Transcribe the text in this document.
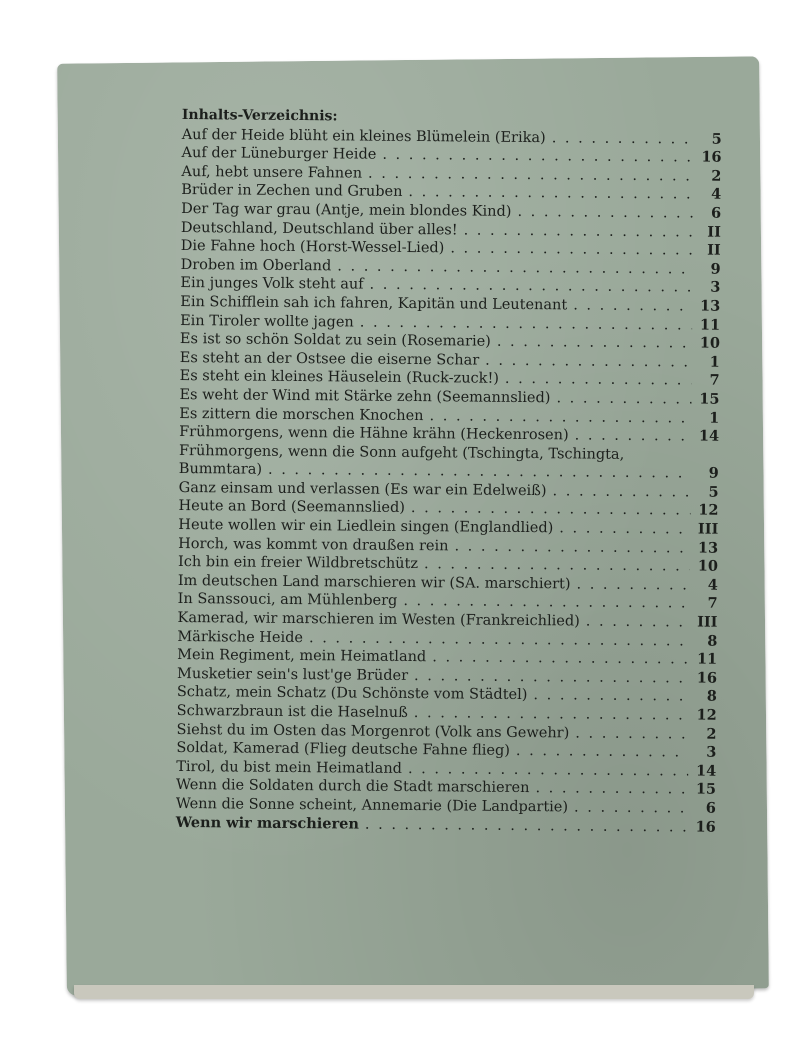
Inhalts-Verzeichnis:
Auf der Heide blüht ein kleines Blümelein (Erika) . . .	5
Auf der Lüneburger Heide . . .	16
Auf, hebt unsere Fahnen . . .	2
Brüder in Zechen und Gruben . . .	4
Der Tag war grau (Antje, mein blondes Kind) . . .	6
Deutschland, Deutschland über alles! . . .	II
Die Fahne hoch (Horst-Wessel-Lied) . . .	II
Droben im Oberland . . .	9
Ein junges Volk steht auf . . .	3
Ein Schifflein sah ich fahren, Kapitän und Leutenant . . .	13
Ein Tiroler wollte jagen . . .	11
Es ist so schön Soldat zu sein (Rosemarie) . . .	10
Es steht an der Ostsee die eiserne Schar . . .	1
Es steht ein kleines Häuselein (Ruck-zuck!) . . .	7
Es weht der Wind mit Stärke zehn (Seemannslied) . . .	15
Es zittern die morschen Knochen . . .	1
Frühmorgens, wenn die Hähne krähn (Heckenrosen) . . .	14
Frühmorgens, wenn die Sonn aufgeht (Tschingta, Tschingta,
Bummtara) . . .	9
Ganz einsam und verlassen (Es war ein Edelweiß) . . .	5
Heute an Bord (Seemannslied) . . .	12
Heute wollen wir ein Liedlein singen (Englandlied) . . .	III
Horch, was kommt von draußen rein . . .	13
Ich bin ein freier Wildbretschütz . . .	10
Im deutschen Land marschieren wir (SA. marschiert) . . .	4
In Sanssouci, am Mühlenberg . . .	7
Kamerad, wir marschieren im Westen (Frankreichlied) . . .	III
Märkische Heide . . .	8
Mein Regiment, mein Heimatland . . .	11
Musketier sein's lust'ge Brüder . . .	16
Schatz, mein Schatz (Du Schönste vom Städtel) . . .	8
Schwarzbraun ist die Haselnuß . . .	12
Siehst du im Osten das Morgenrot (Volk ans Gewehr) . . .	2
Soldat, Kamerad (Flieg deutsche Fahne flieg) . . .	3
Tirol, du bist mein Heimatland . . .	14
Wenn die Soldaten durch die Stadt marschieren . . .	15
Wenn die Sonne scheint, Annemarie (Die Landpartie) . . .	6
Wenn wir marschieren . . .	16
